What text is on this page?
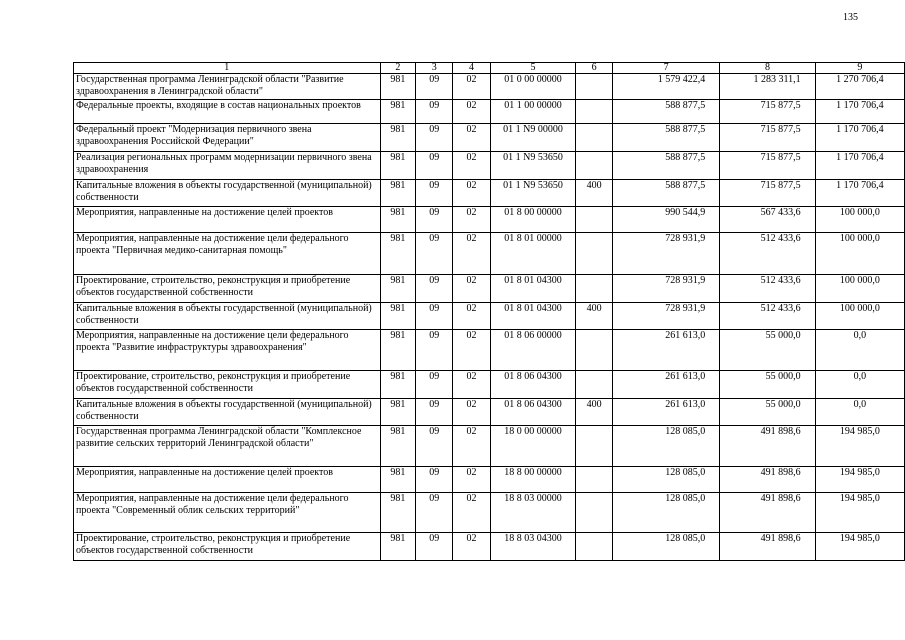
135
1	2	3	4	5	6	7	8	9
Государственная программа Ленинградской области "Развитие здравоохранения в Ленинградской области"	981	09	02	01 0 00 00000		1 579 422,4	1 283 311,1	1 270 706,4
Федеральные проекты, входящие в состав национальных проектов	981	09	02	01 1 00 00000		588 877,5	715 877,5	1 170 706,4
Федеральный проект "Модернизация первичного звена здравоохранения Российской Федерации"	981	09	02	01 1 N9 00000		588 877,5	715 877,5	1 170 706,4
Реализация региональных программ модернизации первичного звена здравоохранения	981	09	02	01 1 N9 53650		588 877,5	715 877,5	1 170 706,4
Капитальные вложения в объекты государственной (муниципальной) собственности	981	09	02	01 1 N9 53650	400	588 877,5	715 877,5	1 170 706,4
Мероприятия, направленные на достижение целей проектов	981	09	02	01 8 00 00000		990 544,9	567 433,6	100 000,0
Мероприятия, направленные на достижение цели федерального проекта "Первичная медико-санитарная помощь"	981	09	02	01 8 01 00000		728 931,9	512 433,6	100 000,0
Проектирование, строительство, реконструкция и приобретение объектов государственной собственности	981	09	02	01 8 01 04300		728 931,9	512 433,6	100 000,0
Капитальные вложения в объекты государственной (муниципальной) собственности	981	09	02	01 8 01 04300	400	728 931,9	512 433,6	100 000,0
Мероприятия, направленные на достижение цели федерального проекта "Развитие инфраструктуры здравоохранения"	981	09	02	01 8 06 00000		261 613,0	55 000,0	0,0
Проектирование, строительство, реконструкция и приобретение объектов государственной собственности	981	09	02	01 8 06 04300		261 613,0	55 000,0	0,0
Капитальные вложения в объекты государственной (муниципальной) собственности	981	09	02	01 8 06 04300	400	261 613,0	55 000,0	0,0
Государственная программа Ленинградской области "Комплексное развитие сельских территорий Ленинградской области"	981	09	02	18 0 00 00000		128 085,0	491 898,6	194 985,0
Мероприятия, направленные на достижение целей проектов	981	09	02	18 8 00 00000		128 085,0	491 898,6	194 985,0
Мероприятия, направленные на достижение цели федерального проекта "Современный облик сельских территорий"	981	09	02	18 8 03 00000		128 085,0	491 898,6	194 985,0
Проектирование, строительство, реконструкция и приобретение объектов государственной собственности	981	09	02	18 8 03 04300		128 085,0	491 898,6	194 985,0
